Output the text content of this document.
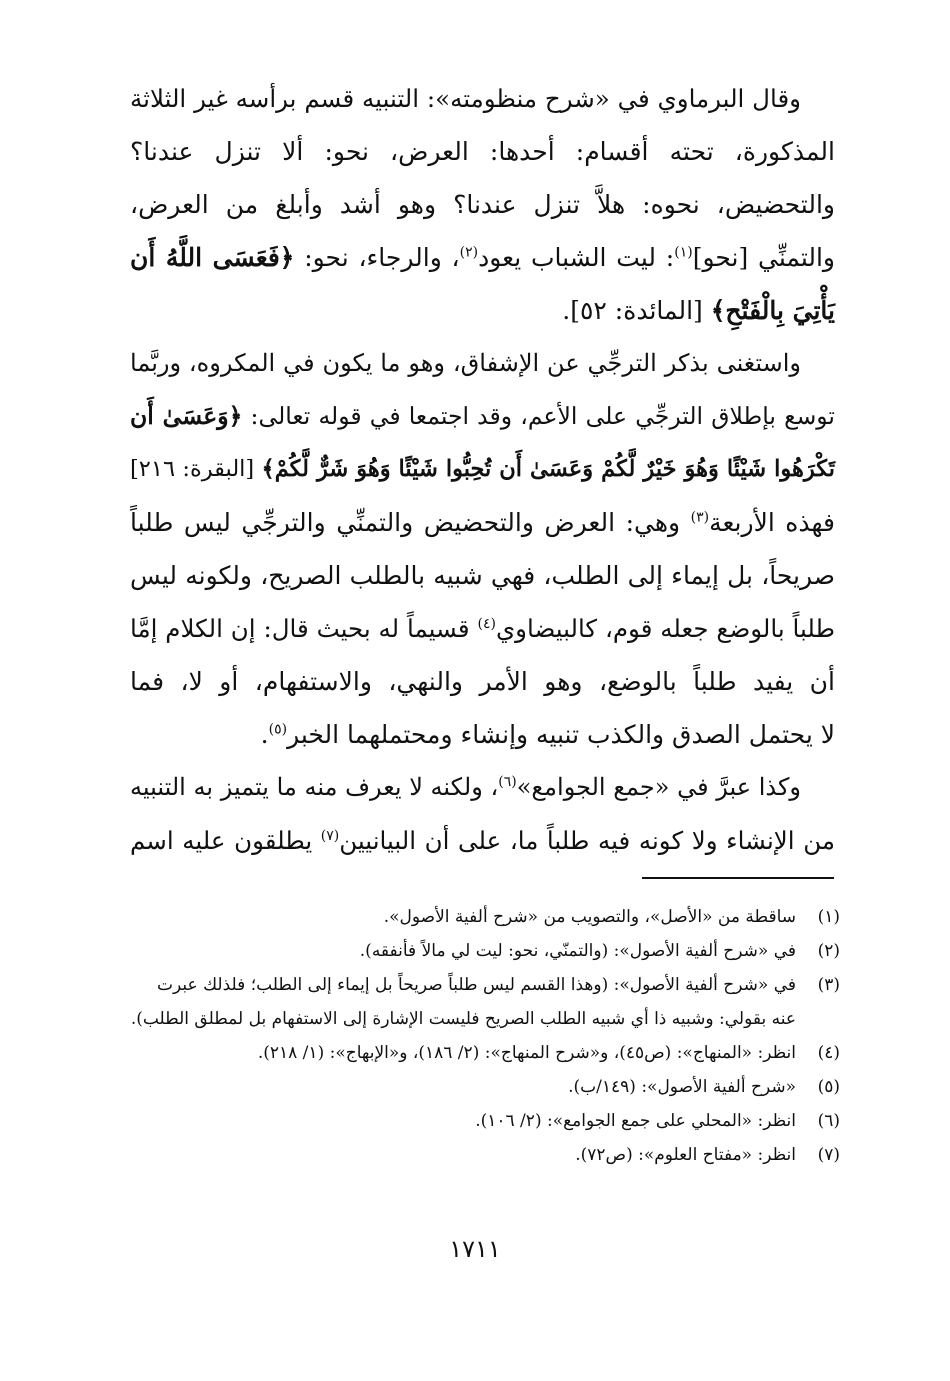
وقال البرماوي في «شرح منظومته»: التنبيه قسم برأسه غير الثلاثة
المذكورة، تحته أقسام: أحدها: العرض، نحو: ألا تنزل عندنا؟
والتحضيض، نحوه: هلاَّ تنزل عندنا؟ وهو أشد وأبلغ من العرض،
والتمنِّي [نحو]$^{(١)}$: ليت الشباب يعود$^{(٢)}$، والرجاء، نحو: ﴿فَعَسَى اللَّهُ أَن
يَأْتِيَ بِالْفَتْحِ﴾ [المائدة: ٥٢].
واستغنى بذكر الترجِّي عن الإشفاق، وهو ما يكون في المكروه، وربَّما
توسع بإطلاق الترجِّي على الأعم، وقد اجتمعا في قوله تعالى: ﴿وَعَسَىٰ أَن
تَكْرَهُوا شَيْئًا وَهُوَ خَيْرٌ لَّكُمْ وَعَسَىٰ أَن تُحِبُّوا شَيْئًا وَهُوَ شَرٌّ لَّكُمْ﴾ [البقرة: ٢١٦]
فهذه الأربعة$^{(٣)}$ وهي: العرض والتحضيض والتمنِّي والترجِّي ليس طلباً
صريحاً، بل إيماء إلى الطلب، فهي شبيه بالطلب الصريح، ولكونه ليس
طلباً بالوضع جعله قوم، كالبيضاوي$^{(٤)}$ قسيماً له بحيث قال: إن الكلام إمَّا
أن يفيد طلباً بالوضع، وهو الأمر والنهي، والاستفهام، أو لا، فما
لا يحتمل الصدق والكذب تنبيه وإنشاء ومحتملهما الخبر$^{(٥)}$.
وكذا عبرَّ في «جمع الجوامع»$^{(٦)}$، ولكنه لا يعرف منه ما يتميز به التنبيه
من الإنشاء ولا كونه فيه طلباً ما، على أن البيانيين$^{(٧)}$ يطلقون عليه اسم
(١)
ساقطة من «الأصل»، والتصويب من «شرح ألفية الأصول».
(٢)
في «شرح ألفية الأصول»: (والتمنّي، نحو: ليت لي مالاً فأنفقه).
(٣)
في «شرح ألفية الأصول»: (وهذا القسم ليس طلباً صريحاً بل إيماء إلى الطلب؛ فلذلك عبرت
عنه بقولي: وشبيه ذا أي شبيه الطلب الصريح فليست الإشارة إلى الاستفهام بل لمطلق الطلب).
(٤)
انظر: «المنهاج»: (ص٤٥)، و«شرح المنهاج»: (٢/ ١٨٦)، و«الإبهاج»: (١/ ٢١٨).
(٥)
«شرح ألفية الأصول»: (١٤٩/ب).
(٦)
انظر: «المحلي على جمع الجوامع»: (٢/ ١٠٦).
(٧)
انظر: «مفتاح العلوم»: (ص٧٢).
١٧١١
